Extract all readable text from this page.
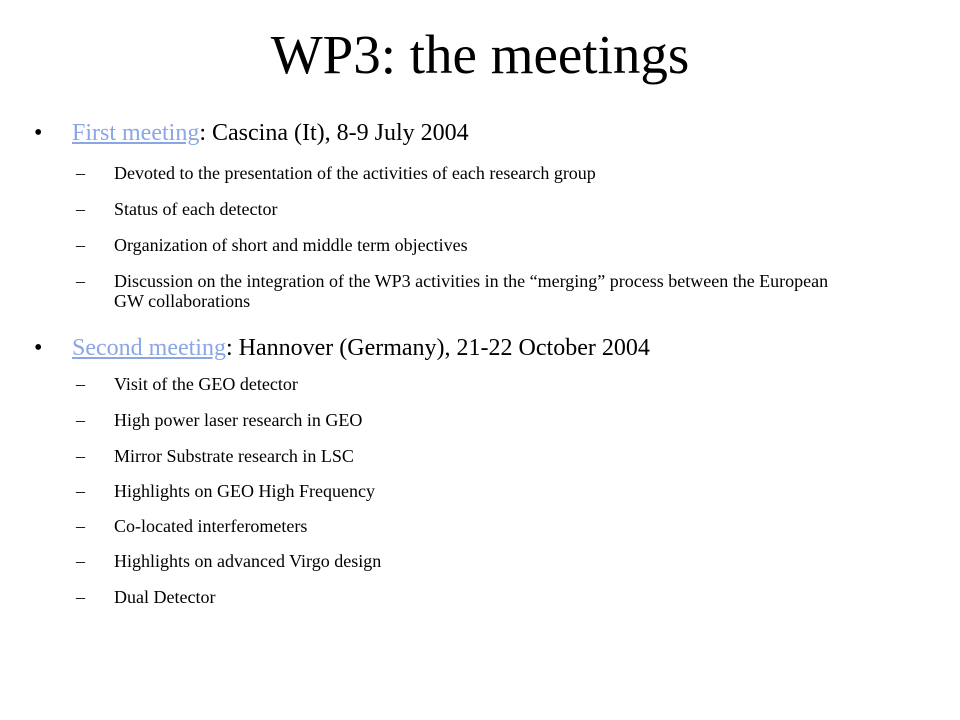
WP3: the meetings
• First meeting: Cascina (It), 8-9 July 2004
– Devoted to the presentation of the activities of each research group
– Status of each detector
– Organization of short and middle term objectives
– Discussion on the integration of the WP3 activities in the “merging” process between the European GW collaborations
• Second meeting: Hannover (Germany), 21-22 October 2004
– Visit of the GEO detector
– High power laser research in GEO
– Mirror Substrate research in LSC
– Highlights on GEO High Frequency
– Co-located interferometers
– Highlights on advanced Virgo design
– Dual Detector
